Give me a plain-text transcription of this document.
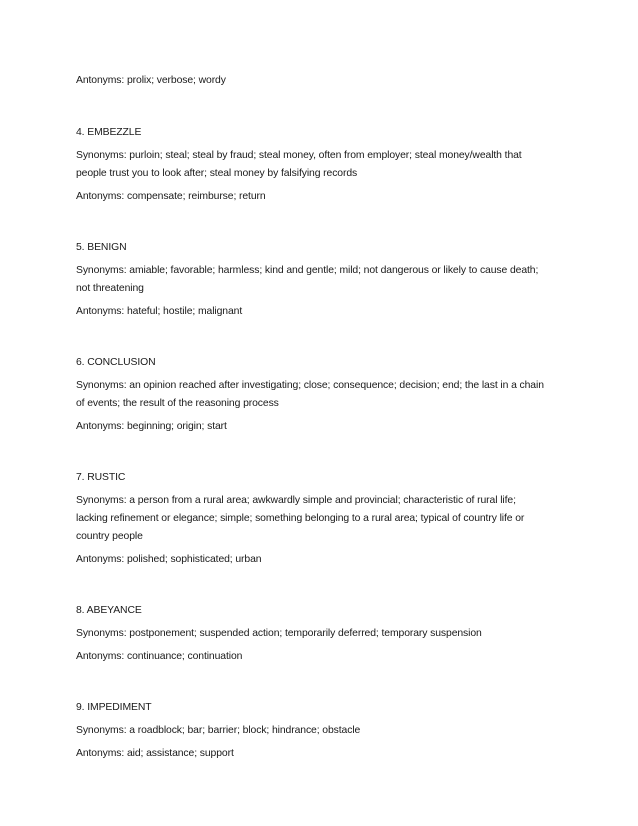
Antonyms: prolix; verbose; wordy
4. EMBEZZLE
Synonyms: purloin; steal; steal by fraud; steal money, often from employer; steal money/wealth that
people trust you to look after; steal money by falsifying records
Antonyms: compensate; reimburse; return
5. BENIGN
Synonyms: amiable; favorable; harmless; kind and gentle; mild; not dangerous or likely to cause death;
not threatening
Antonyms: hateful; hostile; malignant
6. CONCLUSION
Synonyms: an opinion reached after investigating; close; consequence; decision; end; the last in a chain
of events; the result of the reasoning process
Antonyms: beginning; origin; start
7. RUSTIC
Synonyms: a person from a rural area; awkwardly simple and provincial; characteristic of rural life;
lacking refinement or elegance; simple; something belonging to a rural area; typical of country life or
country people
Antonyms: polished; sophisticated; urban
8. ABEYANCE
Synonyms: postponement; suspended action; temporarily deferred; temporary suspension
Antonyms: continuance; continuation
9. IMPEDIMENT
Synonyms: a roadblock; bar; barrier; block; hindrance; obstacle
Antonyms: aid; assistance; support
